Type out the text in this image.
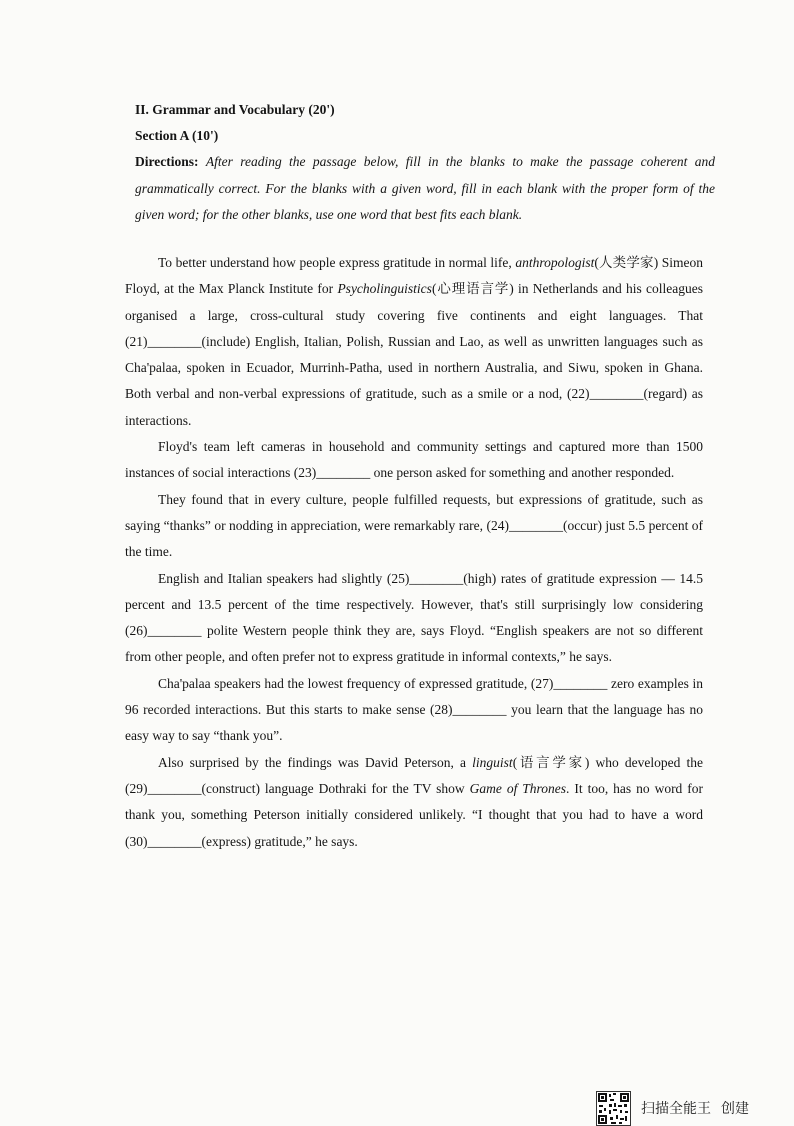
II. Grammar and Vocabulary (20')
Section A (10')
Directions: After reading the passage below, fill in the blanks to make the passage coherent and grammatically correct. For the blanks with a given word, fill in each blank with the proper form of the given word; for the other blanks, use one word that best fits each blank.

To better understand how people express gratitude in normal life, anthropologist(人类学家) Simeon Floyd, at the Max Planck Institute for Psycholinguistics(心理语言学) in Netherlands and his colleagues organised a large, cross-cultural study covering five continents and eight languages. That (21)________(include) English, Italian, Polish, Russian and Lao, as well as unwritten languages such as Cha'palaa, spoken in Ecuador, Murrinh-Patha, used in northern Australia, and Siwu, spoken in Ghana. Both verbal and non-verbal expressions of gratitude, such as a smile or a nod, (22)________(regard) as interactions.

Floyd's team left cameras in household and community settings and captured more than 1500 instances of social interactions (23)________ one person asked for something and another responded.

They found that in every culture, people fulfilled requests, but expressions of gratitude, such as saying “thanks” or nodding in appreciation, were remarkably rare, (24)________(occur) just 5.5 percent of the time.

English and Italian speakers had slightly (25)________(high) rates of gratitude expression — 14.5 percent and 13.5 percent of the time respectively. However, that's still surprisingly low considering (26)________ polite Western people think they are, says Floyd. “English speakers are not so different from other people, and often prefer not to express gratitude in informal contexts,” he says.

Cha'palaa speakers had the lowest frequency of expressed gratitude, (27)________ zero examples in 96 recorded interactions. But this starts to make sense (28)________ you learn that the language has no easy way to say “thank you”.

Also surprised by the findings was David Peterson, a linguist(语言学家) who developed the (29)________(construct) language Dothraki for the TV show Game of Thrones. It too, has no word for thank you, something Peterson initially considered unlikely. “I thought that you had to have a word (30)________(express) gratitude,” he says.

扫描全能王 创建
